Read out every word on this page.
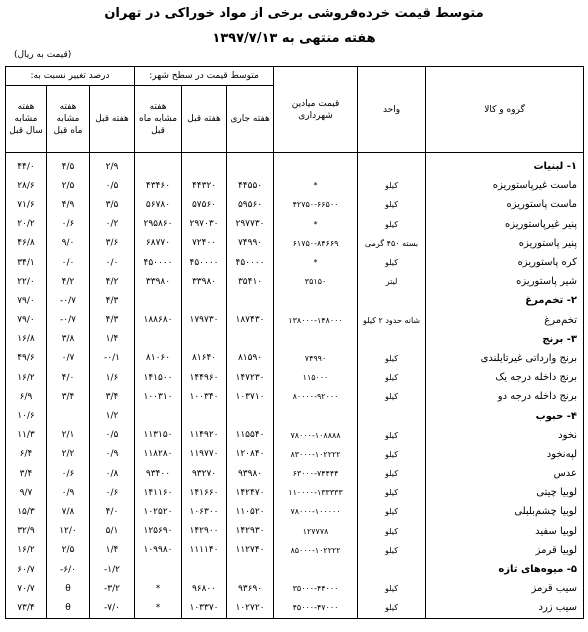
متوسط قیمت خرده‌فروشی برخی از مواد خوراکی در تهران
هفته منتهی به ۱۳۹۷/۷/۱۳
(قیمت به ریال)
گروه و کالا	واحد	قیمت میادین شهرداری	متوسط قیمت در سطح شهر:			درصد تغییر نسبت به:		
			هفته جاری	هفته قبل	هفته مشابه ماه قبل	هفته قبل	هفته مشابه ماه قبل	هفته مشابه سال قبل
۱- لبنیات						۲/۹	۴/۵	۴۴/۰
ماست غیرپاستوریزه	کیلو	*	۴۴۵۵۰	۴۴۳۲۰	۴۳۴۶۰	۰/۵	۲/۵	۲۸/۶
ماست پاستوریزه	کیلو	۴۲۷۵۰-۶۶۵۰۰	۵۹۵۶۰	۵۷۵۶۰	۵۶۷۸۰	۳/۵	۴/۹	۷۱/۶
پنیر غیرپاستوریزه	کیلو	*	۲۹۷۷۳۰	۲۹۷۰۳۰	۲۹۵۸۶۰	۰/۲	۰/۶	۲۰/۲
پنیر پاستوریزه	بسته ۴۵۰ گرمی	۶۱۷۵۰-۸۴۶۶۹	۷۴۹۹۰	۷۲۴۰۰	۶۸۷۷۰	۳/۶	۹/۰	۴۶/۸
کره پاستوریزه	کیلو	*	۴۵۰۰۰۰	۴۵۰۰۰۰	۴۵۰۰۰۰	۰/۰	۰/۰	۳۴/۱
شیر پاستوریزه	لیتر	۳۵۱۵۰	۳۵۴۱۰	۳۳۹۸۰	۳۳۹۸۰	۴/۲	۴/۲	۲۲/۰
۲- تخم‌مرغ						۴/۳	-۰/۷	۷۹/۰
تخم‌مرغ	شانه حدود ۲ کیلو	۱۳۸۰۰۰-۱۴۸۰۰۰	۱۸۷۴۳۰	۱۷۹۷۳۰	۱۸۸۶۸۰	۴/۳	-۰/۷	۷۹/۰
۳- برنج						۱/۴	۳/۸	۱۶/۸
برنج وارداتی غیرتایلندی	کیلو	۷۴۹۹۰	۸۱۵۹۰	۸۱۶۴۰	۸۱۰۶۰	-۰/۱	۰/۷	۴۹/۶
برنج داخله درجه یک	کیلو	۱۱۵۰۰۰	۱۴۷۲۳۰	۱۴۴۹۶۰	۱۴۱۵۰۰	۱/۶	۴/۰	۱۶/۲
برنج داخله درجه دو	کیلو	۸۰۰۰۰-۹۲۰۰۰	۱۰۳۷۱۰	۱۰۰۳۴۰	۱۰۰۳۱۰	۳/۴	۳/۴	۶/۹
۴- حبوب						۱/۲		۱۰/۶
نخود	کیلو	۷۸۰۰۰-۱۰۸۸۸۸	۱۱۵۵۴۰	۱۱۴۹۲۰	۱۱۳۱۵۰	۰/۵	۲/۱	۱۱/۳
لپه‌نخود	کیلو	۸۳۰۰۰-۱۰۲۲۲۲	۱۲۰۸۴۰	۱۱۹۷۷۰	۱۱۸۲۸۰	۰/۹	۲/۲	۶/۴
عدس	کیلو	۶۳۰۰۰-۷۴۴۴۴	۹۳۹۸۰	۹۳۲۷۰	۹۳۴۰۰	۰/۸	۰/۶	۳/۴
لوبیا چیتی	کیلو	۱۱۰۰۰۰-۱۳۳۳۳۳	۱۴۲۴۷۰	۱۴۱۶۶۰	۱۴۱۱۶۰	۰/۶	۰/۹	۹/۷
لوبیا چشم‌بلبلی	کیلو	۷۸۰۰۰-۱۰۰۰۰۰	۱۱۰۵۲۰	۱۰۶۳۰۰	۱۰۲۵۲۰	۴/۰	۷/۸	۱۵/۳
لوبیا سفید	کیلو	۱۲۷۷۷۸	۱۴۲۹۳۰	۱۴۲۹۰۰	۱۲۵۶۹۰	۵/۱	۱۲/۰	۳۲/۹
لوبیا قرمز	کیلو	۸۵۰۰۰-۱۰۲۲۲۲	۱۱۲۷۴۰	۱۱۱۱۴۰	۱۰۹۹۸۰	۱/۴	۲/۵	۱۶/۲
۵- میوه‌های تازه						-۱/۲	-۶/۰	۶۰/۷
سیب قرمز	کیلو	۳۵۰۰۰-۴۴۰۰۰	۹۳۶۹۰	۹۶۸۰۰	*	-۳/۲	θ	۷۰/۷
سیب زرد	کیلو	۴۵۰۰۰-۴۷۰۰۰	۱۰۲۷۲۰	۱۰۳۳۷۰	*	-۷/۰	θ	۷۳/۴
